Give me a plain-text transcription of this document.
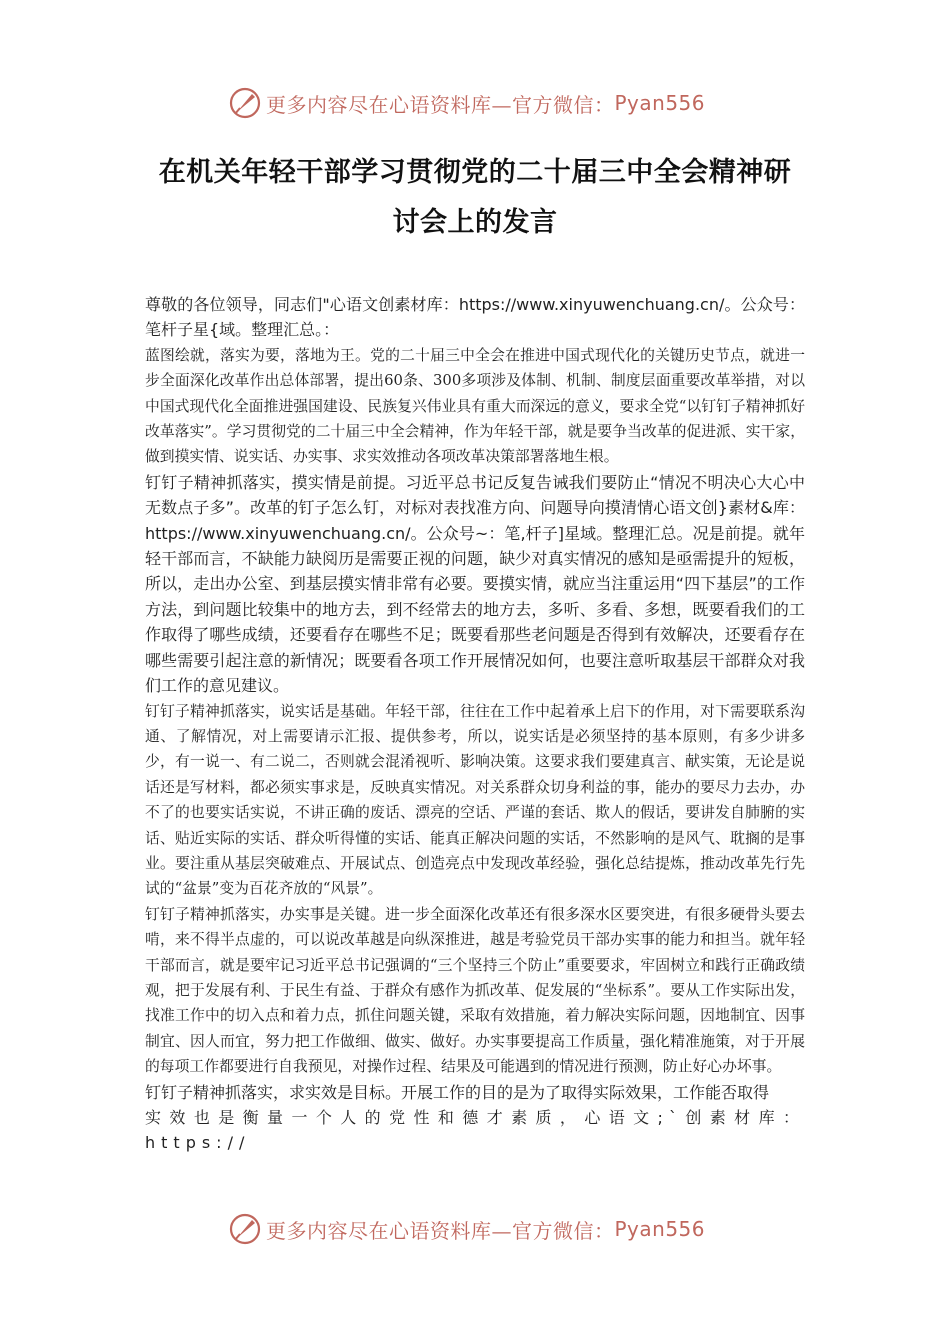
更多内容尽在心语资料库—官方微信： Pyan556
在机关年轻干部学习贯彻党的二十届三中全会精神研
讨会上的发言

尊敬的各位领导，同志们"心语文创素材库：https://www.xinyuwenchuang.cn/。公众号：笔杆子星{域。整理汇总。：

蓝图绘就，落实为要，落地为王。党的二十届三中全会在推进中国式现代化的关键历史节点，就进一步全面深化改革作出总体部署，提出60条、300多项涉及体制、机制、制度层面重要改革举措，对以中国式现代化全面推进强国建设、民族复兴伟业具有重大而深远的意义，要求全党“以钉钉子精神抓好改革落实”。学习贯彻党的二十届三中全会精神，作为年轻干部，就是要争当改革的促进派、实干家，做到摸实情、说实话、办实事、求实效推动各项改革决策部署落地生根。

钉钉子精神抓落实，摸实情是前提。习近平总书记反复告诫我们要防止“情况不明决心大心中无数点子多”。改革的钉子怎么钉，对标对表找准方向、问题导向摸清情心语文创}素材&库：https://www.xinyuwenchuang.cn/。公众号~：笔,杆子]星域。整理汇总。况是前提。就年轻干部而言，不缺能力缺阅历是需要正视的问题，缺少对真实情况的感知是亟需提升的短板，所以，走出办公室、到基层摸实情非常有必要。要摸实情，就应当注重运用“四下基层”的工作方法，到问题比较集中的地方去，到不经常去的地方去，多听、多看、多想，既要看我们的工作取得了哪些成绩，还要看存在哪些不足；既要看那些老问题是否得到有效解决，还要看存在哪些需要引起注意的新情况；既要看各项工作开展情况如何，也要注意听取基层干部群众对我们工作的意见建议。

钉钉子精神抓落实，说实话是基础。年轻干部，往往在工作中起着承上启下的作用，对下需要联系沟通、了解情况，对上需要请示汇报、提供参考，所以，说实话是必须坚持的基本原则，有多少讲多少，有一说一、有二说二，否则就会混淆视听、影响决策。这要求我们要建真言、献实策，无论是说话还是写材料，都必须实事求是，反映真实情况。对关系群众切身利益的事，能办的要尽力去办，办不了的也要实话实说，不讲正确的废话、漂亮的空话、严谨的套话、欺人的假话，要讲发自肺腑的实话、贴近实际的实话、群众听得懂的实话、能真正解决问题的实话，不然影响的是风气、耽搁的是事业。要注重从基层突破难点、开展试点、创造亮点中发现改革经验，强化总结提炼，推动改革先行先试的“盆景”变为百花齐放的“风景”。

钉钉子精神抓落实，办实事是关键。进一步全面深化改革还有很多深水区要突进，有很多硬骨头要去啃，来不得半点虚的，可以说改革越是向纵深推进，越是考验党员干部办实事的能力和担当。就年轻干部而言，就是要牢记习近平总书记强调的“三个坚持三个防止”重要要求，牢固树立和践行正确政绩观，把于发展有利、于民生有益、于群众有感作为抓改革、促发展的“坐标系”。要从工作实际出发，找准工作中的切入点和着力点，抓住问题关键，采取有效措施，着力解决实际问题，因地制宜、因事制宜、因人而宜，努力把工作做细、做实、做好。办实事要提高工作质量，强化精准施策，对于开展的每项工作都要进行自我预见，对操作过程、结果及可能遇到的情况进行预测，防止好心办坏事。

钉钉子精神抓落实，求实效是目标。开展工作的目的是为了取得实际效果，工作能否取得

实效也是衡量一个人的党性和德才素质，心语文;`创素材库：https://

更多内容尽在心语资料库—官方微信： Pyan556
